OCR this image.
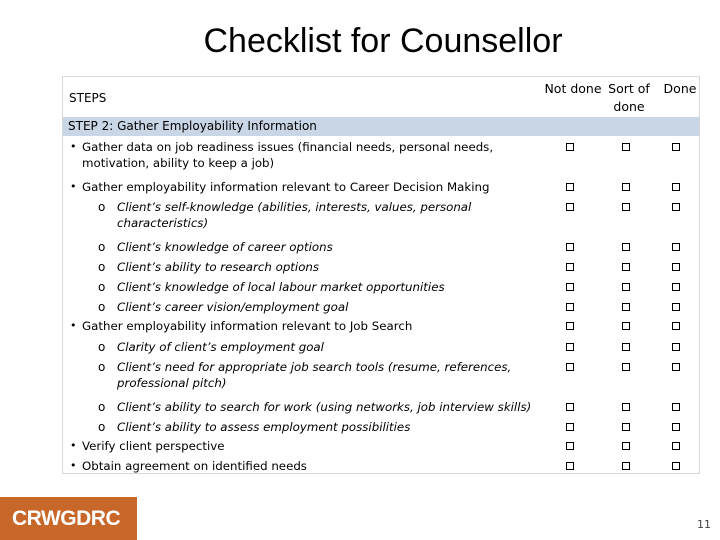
Checklist for Counsellor
STEPS
Not done Sort of done
Done
STEP 2: Gather Employability Information
• Gather data on job readiness issues (financial needs, personal needs,
motivation, ability to keep a job)
• Gather employability information relevant to Career Decision Making
o Client’s self-knowledge (abilities, interests, values, personal
characteristics)
o Client’s knowledge of career options
o Client’s ability to research options
o Client’s knowledge of local labour market opportunities
o Client’s career vision/employment goal
• Gather employability information relevant to Job Search
o Clarity of client’s employment goal
o Client’s need for appropriate job search tools (resume, references,
professional pitch)
o Client’s ability to search for work (using networks, job interview skills)
o Client’s ability to assess employment possibilities
• Verify client perspective
• Obtain agreement on identified needs
CRWGDRC	11
